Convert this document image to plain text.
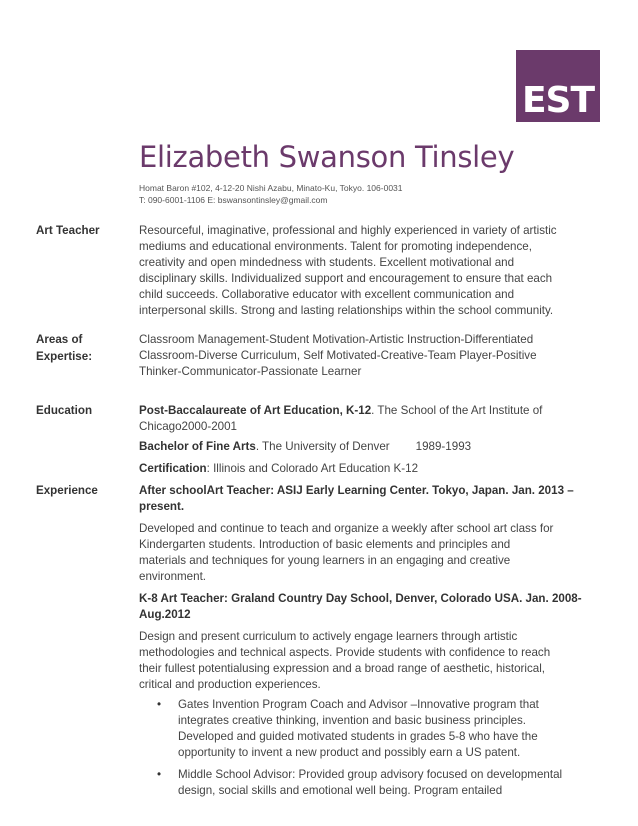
EST
Elizabeth Swanson Tinsley
Homat Baron #102, 4-12-20 Nishi Azabu, Minato-Ku, Tokyo. 106-0031
T: 090-6001-1106 E: bswansontinsley@gmail.com
Art Teacher	Resourceful, imaginative, professional and highly experienced in variety of artistic

mediums and educational environments. Talent for promoting independence,

creativity and open mindedness with students. Excellent motivational and

disciplinary skills. Individualized support and encouragement to ensure that each

child succeeds. Collaborative educator with excellent communication and

interpersonal skills. Strong and lasting relationships within the school community.

Areas of
Expertise:

Classroom Management-Student Motivation-Artistic Instruction-Differentiated

Classroom-Diverse Curriculum, Self Motivated-Creative-Team Player-Positive

Thinker-Communicator-Passionate Learner

Education	Post-Baccalaureate of Art Education, K-12. The School of the Art Institute of

Chicago2000-2001

Bachelor of Fine Arts. The University of Denver 1989-1993

Certification: Illinois and Colorado Art Education K-12

Experience	After schoolArt Teacher: ASIJ Early Learning Center. Tokyo, Japan. Jan. 2013 –

present.

Developed and continue to teach and organize a weekly after school art class for

Kindergarten students. Introduction of basic elements and principles and

materials and techniques for young learners in an engaging and creative

environment.

K-8 Art Teacher: Graland Country Day School, Denver, Colorado USA. Jan. 2008-

Aug.2012

Design and present curriculum to actively engage learners through artistic

methodologies and technical aspects. Provide students with confidence to reach

their fullest potentialusing expression and a broad range of aesthetic, historical,

critical and production experiences.

• Gates Invention Program Coach and Advisor –Innovative program that
integrates creative thinking, invention and basic business principles.
Developed and guided motivated students in grades 5-8 who have the
opportunity to invent a new product and possibly earn a US patent.
• Middle School Advisor: Provided group advisory focused on developmental
design, social skills and emotional well being. Program entailed
